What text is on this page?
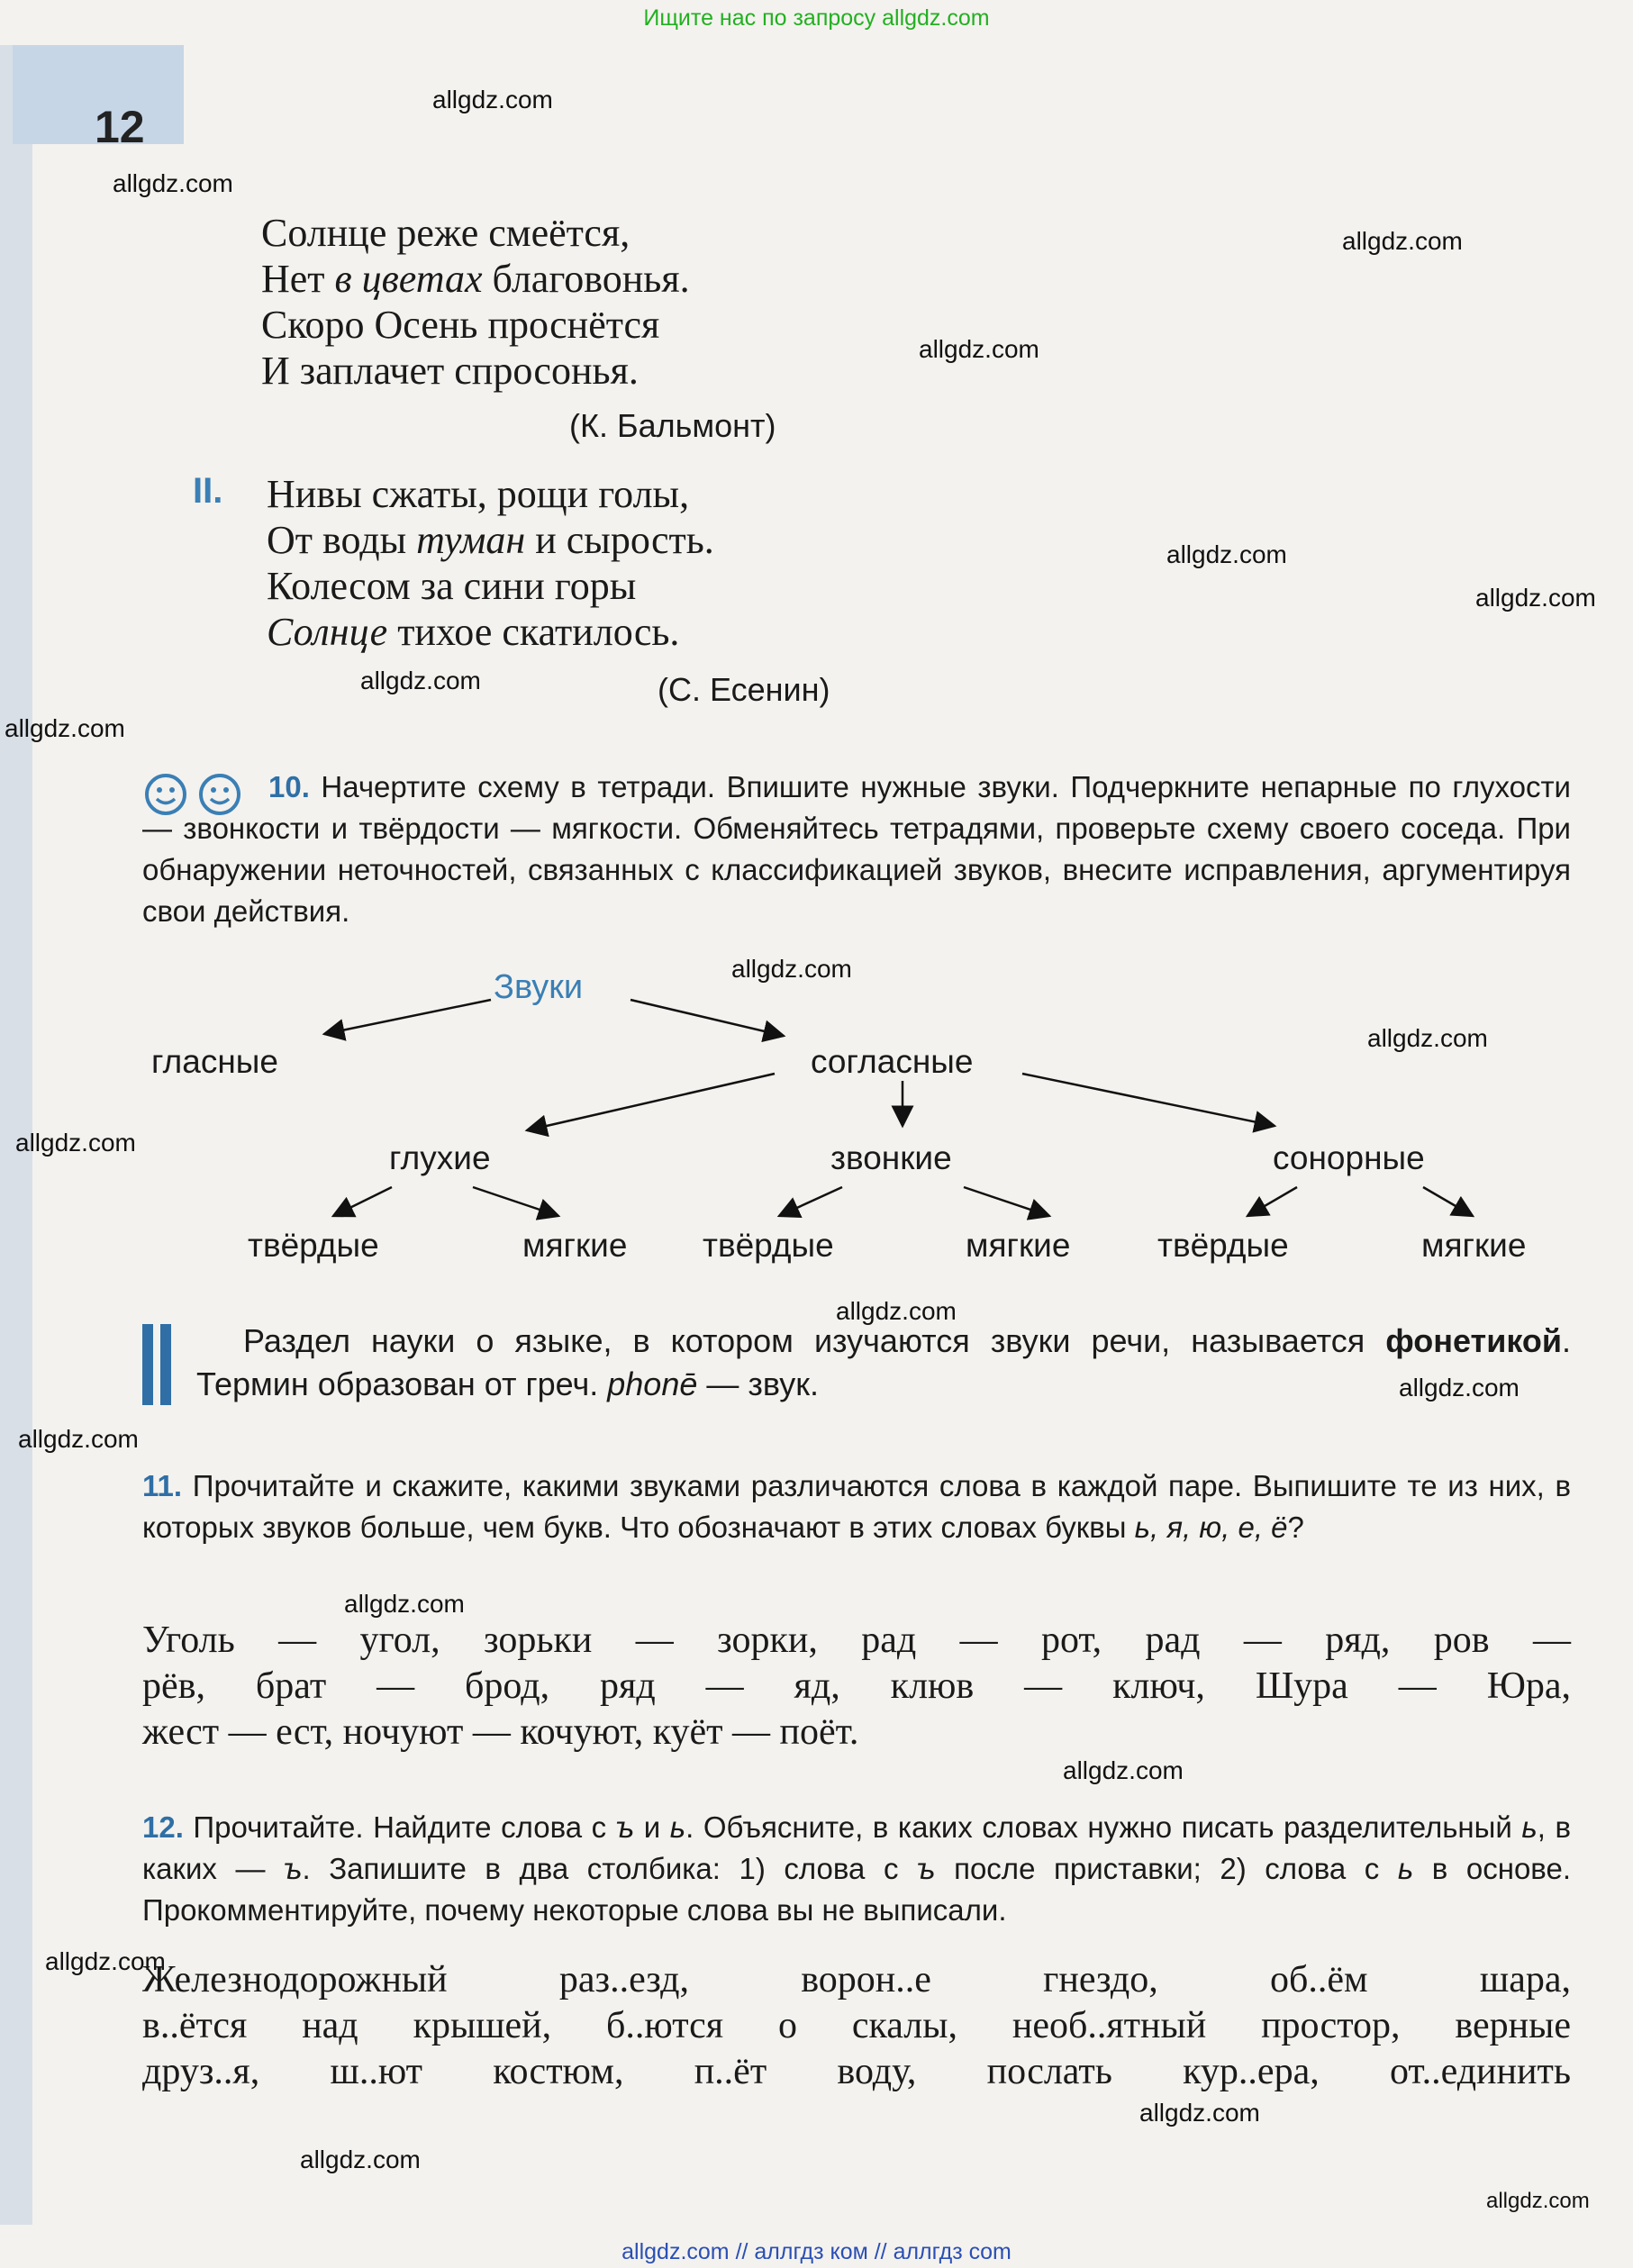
Ищите нас по запросу allgdz.com
12
allgdz.com
allgdz.com
allgdz.com
allgdz.com
allgdz.com
allgdz.com
allgdz.com
allgdz.com
allgdz.com
allgdz.com
allgdz.com
allgdz.com
allgdz.com
allgdz.com
allgdz.com
allgdz.com
allgdz.com
allgdz.com
allgdz.com
allgdz.com
Солнце реже смеётся,
Нет в цветах благовонья.
Скоро Осень проснётся
И заплачет спросонья.
(К. Бальмонт)
II. Нивы сжаты, рощи голы,
От воды туман и сырость.
Колесом за сини горы
Солнце тихое скатилось.
(С. Есенин)
10. Начертите схему в тетради. Впишите нужные звуки. Подчеркните непарные по глухости — звонкости и твёрдости — мягкости. Обменяйтесь тетрадями, проверьте схему своего соседа. При обнаружении неточностей, связанных с классификацией звуков, внесите исправления, аргументируя свои действия.
Звуки
гласные	согласные
глухие	звонкие	сонорные
твёрдые	мягкие твёрдые	мягкие	твёрдые	мягкие
Раздел науки о языке, в котором изучаются звуки речи, называется фонетикой. Термин образован от греч. phonē — звук.
11. Прочитайте и скажите, какими звуками различаются слова в каждой паре. Выпишите те из них, в которых звуков больше, чем букв. Что обозначают в этих словах буквы ь, я, ю, е, ё?
Уголь — угол, зорьки — зорки, рад — рот, рад — ряд, ров —
рёв, брат — брод, ряд — яд, клюв — ключ, Шура — Юра,
жест — ест, ночуют — кочуют, куёт — поёт.
12. Прочитайте. Найдите слова с ъ и ь. Объясните, в каких словах нужно писать разделительный ь, в каких — ъ. Запишите в два столбика: 1) слова с ъ после приставки; 2) слова с ь в основе. Прокомментируйте, почему некоторые слова вы не выписали.
Железнодорожный раз..езд, ворон..е гнездо, об..ём шара,
в..ётся над крышей, б..ются о скалы, необ..ятный простор, верные
друз..я, ш..ют костюм, п..ёт воду, послать кур..ера, от..единить
allgdz.com // аллгдз ком // аллгдз com
